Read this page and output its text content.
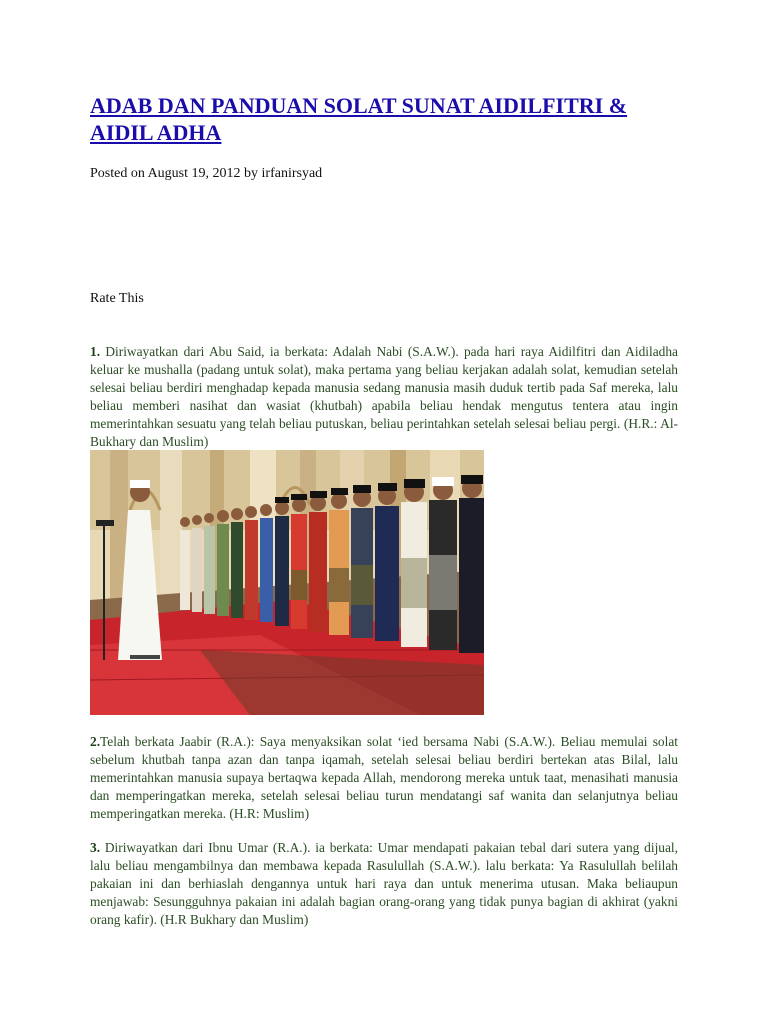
ADAB DAN PANDUAN SOLAT SUNAT AIDILFITRI & AIDIL ADHA
Posted on August 19, 2012 by irfanirsyad
Rate This

1. Diriwayatkan dari Abu Said, ia berkata: Adalah Nabi (S.A.W.). pada hari raya Aidilfitri dan Aidiladha keluar ke mushalla (padang untuk solat), maka pertama yang beliau kerjakan adalah solat, kemudian setelah selesai beliau berdiri menghadap kepada manusia sedang manusia masih duduk tertib pada Saf mereka, lalu beliau memberi nasihat dan wasiat (khutbah) apabila beliau hendak mengutus tentera atau ingin memerintahkan sesuatu yang telah beliau putuskan, beliau perintahkan setelah selesai beliau pergi. (H.R.: Al-Bukhary dan Muslim)

2.Telah berkata Jaabir (R.A.): Saya menyaksikan solat ‘ied bersama Nabi (S.A.W.). Beliau memulai solat sebelum khutbah tanpa azan dan tanpa iqamah, setelah selesai beliau berdiri bertekan atas Bilal, lalu memerintahkan manusia supaya bertaqwa kepada Allah, mendorong mereka untuk taat, menasihati manusia dan memperingatkan mereka, setelah selesai beliau turun mendatangi saf wanita dan selanjutnya beliau memperingatkan mereka. (H.R: Muslim)

3. Diriwayatkan dari Ibnu Umar (R.A.). ia berkata: Umar mendapati pakaian tebal dari sutera yang dijual, lalu beliau mengambilnya dan membawa kepada Rasulullah (S.A.W.). lalu berkata: Ya Rasulullah belilah pakaian ini dan berhiaslah dengannya untuk hari raya dan untuk menerima utusan. Maka beliaupun menjawab: Sesungguhnya pakaian ini adalah bagian orang-orang yang tidak punya bagian di akhirat (yakni orang kafir). (H.R Bukhary dan Muslim)
